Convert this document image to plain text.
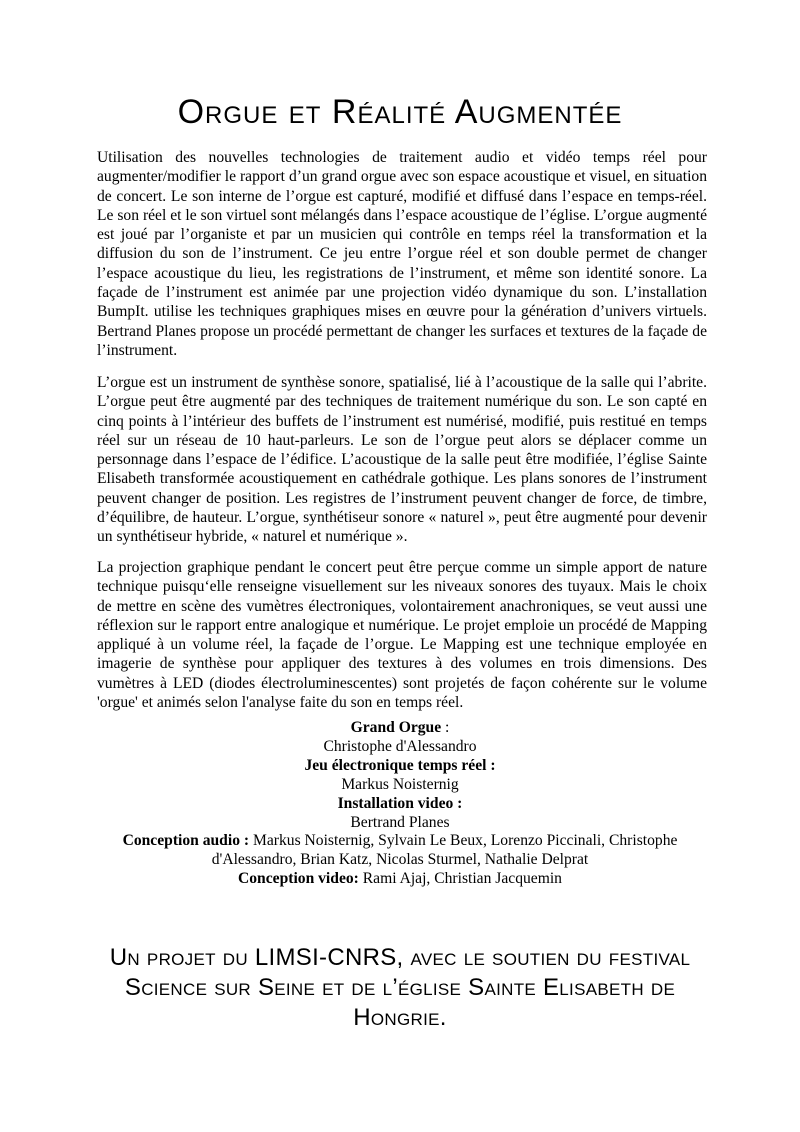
Orgue et Réalité Augmentée

Utilisation des nouvelles technologies de traitement audio et vidéo temps réel pour augmenter/modifier le rapport d’un grand orgue avec son espace acoustique et visuel, en situation de concert. Le son interne de l’orgue est capturé, modifié et diffusé dans l’espace en temps-réel. Le son réel et le son virtuel sont mélangés dans l’espace acoustique de l’église. L’orgue augmenté est joué par l’organiste et par un musicien qui contrôle en temps réel la transformation et la diffusion du son de l’instrument. Ce jeu entre l’orgue réel et son double permet de changer l’espace acoustique du lieu, les registrations de l’instrument, et même son identité sonore. La façade de l’instrument est animée par une projection vidéo dynamique du son. L’installation BumpIt. utilise les techniques graphiques mises en œuvre pour la génération d’univers virtuels. Bertrand Planes propose un procédé permettant de changer les surfaces et textures de la façade de l’instrument.

L’orgue est un instrument de synthèse sonore, spatialisé, lié à l’acoustique de la salle qui l’abrite. L’orgue peut être augmenté par des techniques de traitement numérique du son. Le son capté en cinq points à l’intérieur des buffets de l’instrument est numérisé, modifié, puis restitué en temps réel sur un réseau de 10 haut-parleurs. Le son de l’orgue peut alors se déplacer comme un personnage dans l’espace de l’édifice. L’acoustique de la salle peut être modifiée, l’église Sainte Elisabeth transformée acoustiquement en cathédrale gothique. Les plans sonores de l’instrument peuvent changer de position. Les registres de l’instrument peuvent changer de force, de timbre, d’équilibre, de hauteur. L’orgue, synthétiseur sonore « naturel », peut être augmenté pour devenir un synthétiseur hybride, « naturel et numérique ».

La projection graphique pendant le concert peut être perçue comme un simple apport de nature technique puisqu‘elle renseigne visuellement sur les niveaux sonores des tuyaux. Mais le choix de mettre en scène des vumètres électroniques, volontairement anachroniques, se veut aussi une réflexion sur le rapport entre analogique et numérique. Le projet emploie un procédé de Mapping appliqué à un volume réel, la façade de l’orgue. Le Mapping est une technique employée en imagerie de synthèse pour appliquer des textures à des volumes en trois dimensions. Des vumètres à LED (diodes électroluminescentes) sont projetés de façon cohérente sur le volume 'orgue' et animés selon l'analyse faite du son en temps réel.

Grand Orgue :
Christophe d'Alessandro
Jeu électronique temps réel :
Markus Noisternig
Installation video :
Bertrand Planes
Conception audio : Markus Noisternig, Sylvain Le Beux, Lorenzo Piccinali, Christophe
d'Alessandro, Brian Katz, Nicolas Sturmel, Nathalie Delprat
Conception video: Rami Ajaj, Christian Jacquemin
Un projet du LIMSI-CNRS, avec le soutien du festival Science sur Seine et de l’église Sainte Elisabeth de Hongrie.
